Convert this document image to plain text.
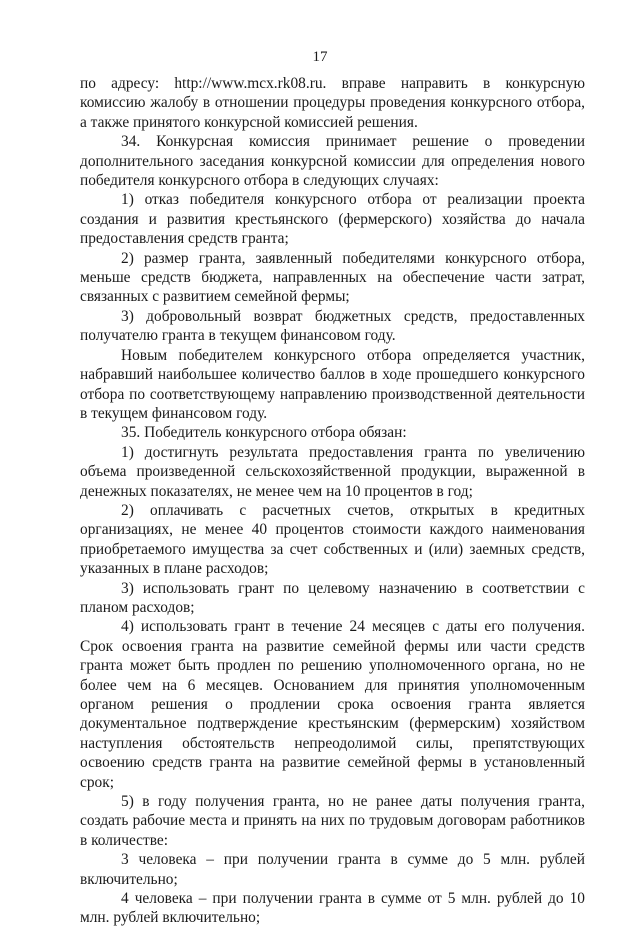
17

по адресу: http://www.mcx.rk08.ru. вправе направить в конкурсную комиссию жалобу в отношении процедуры проведения конкурсного отбора, а также принятого конкурсной комиссией решения.

34. Конкурсная комиссия принимает решение о проведении дополнительного заседания конкурсной комиссии для определения нового победителя конкурсного отбора в следующих случаях:

1) отказ победителя конкурсного отбора от реализации проекта создания и развития крестьянского (фермерского) хозяйства до начала предоставления средств гранта;

2) размер гранта, заявленный победителями конкурсного отбора, меньше средств бюджета, направленных на обеспечение части затрат, связанных с развитием семейной фермы;

3) добровольный возврат бюджетных средств, предоставленных получателю гранта в текущем финансовом году.

Новым победителем конкурсного отбора определяется участник, набравший наибольшее количество баллов в ходе прошедшего конкурсного отбора по соответствующему направлению производственной деятельности в текущем финансовом году.

35. Победитель конкурсного отбора обязан:

1) достигнуть результата предоставления гранта по увеличению объема произведенной сельскохозяйственной продукции, выраженной в денежных показателях, не менее чем на 10 процентов в год;

2) оплачивать с расчетных счетов, открытых в кредитных организациях, не менее 40 процентов стоимости каждого наименования приобретаемого имущества за счет собственных и (или) заемных средств, указанных в плане расходов;

3) использовать грант по целевому назначению в соответствии с планом расходов;

4) использовать грант в течение 24 месяцев с даты его получения. Срок освоения гранта на развитие семейной фермы или части средств гранта может быть продлен по решению уполномоченного органа, но не более чем на 6 месяцев. Основанием для принятия уполномоченным органом решения о продлении срока освоения гранта является документальное подтверждение крестьянским (фермерским) хозяйством наступления обстоятельств непреодолимой силы, препятствующих освоению средств гранта на развитие семейной фермы в установленный срок;

5) в году получения гранта, но не ранее даты получения гранта, создать рабочие места и принять на них по трудовым договорам работников в количестве:

3 человека – при получении гранта в сумме до 5 млн. рублей включительно;

4 человека – при получении гранта в сумме от 5 млн. рублей до 10 млн. рублей включительно;
